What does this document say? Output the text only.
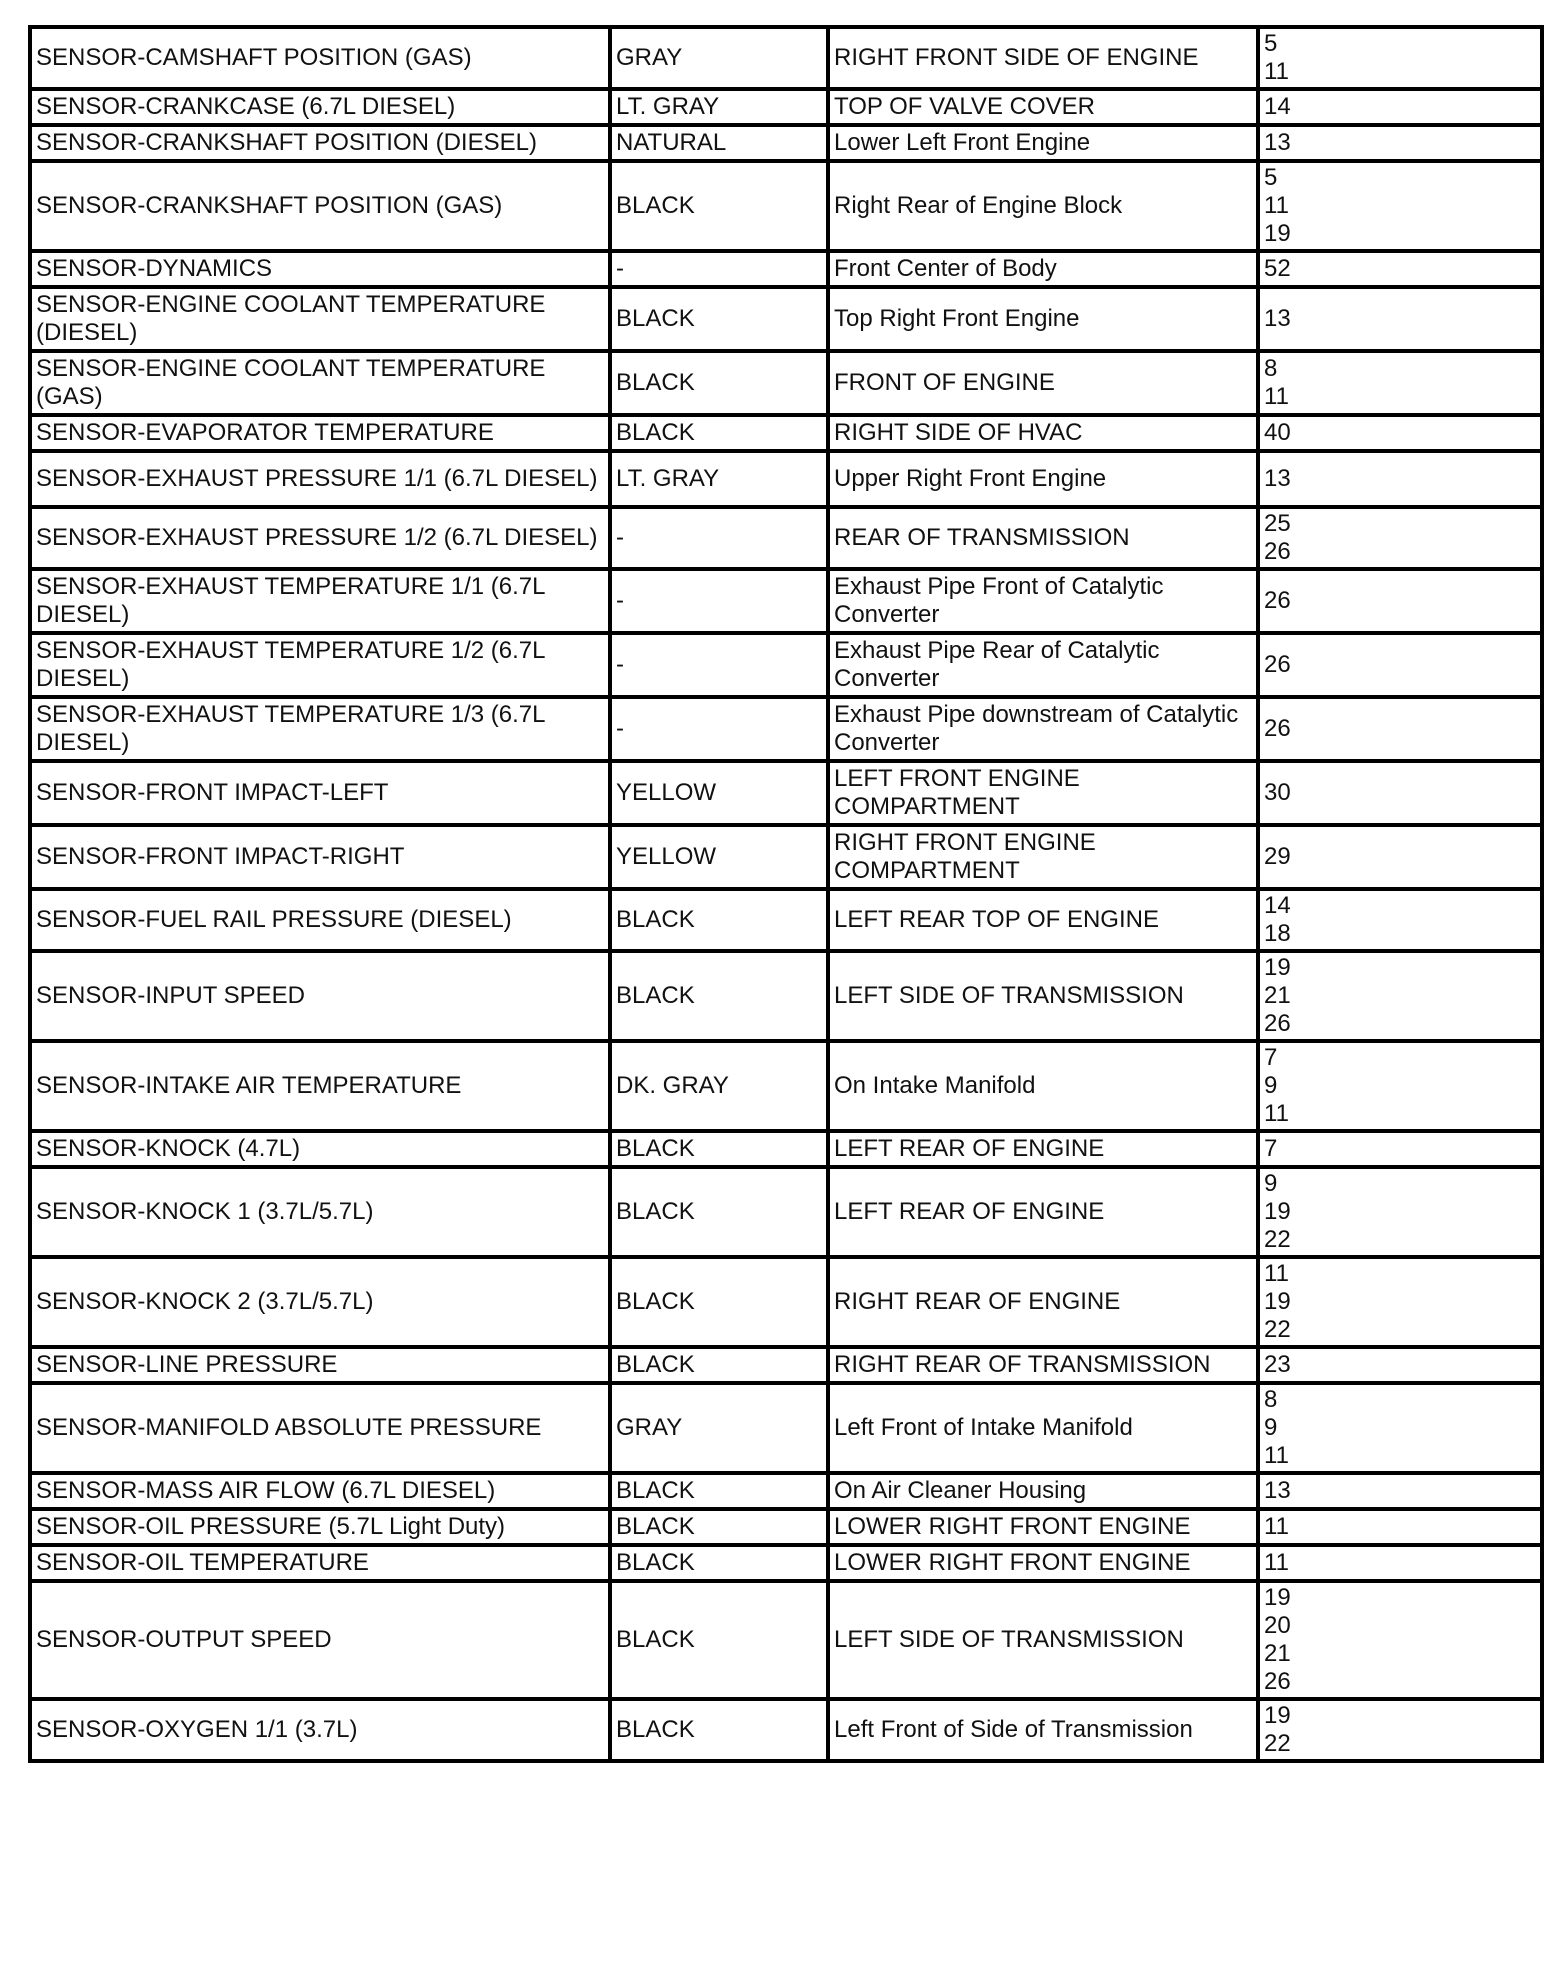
SENSOR-CAMSHAFT POSITION (GAS)	GRAY	RIGHT FRONT SIDE OF ENGINE	5
11
SENSOR-CRANKCASE (6.7L DIESEL)	LT. GRAY	TOP OF VALVE COVER	14
SENSOR-CRANKSHAFT POSITION (DIESEL)	NATURAL	Lower Left Front Engine	13
SENSOR-CRANKSHAFT POSITION (GAS)	BLACK	Right Rear of Engine Block	5
11
19
SENSOR-DYNAMICS	-	Front Center of Body	52
SENSOR-ENGINE COOLANT TEMPERATURE (DIESEL)	BLACK	Top Right Front Engine	13
SENSOR-ENGINE COOLANT TEMPERATURE (GAS)	BLACK	FRONT OF ENGINE	8
11
SENSOR-EVAPORATOR TEMPERATURE	BLACK	RIGHT SIDE OF HVAC	40
SENSOR-EXHAUST PRESSURE 1/1 (6.7L DIESEL)	LT. GRAY	Upper Right Front Engine	13
SENSOR-EXHAUST PRESSURE 1/2 (6.7L DIESEL)	-	REAR OF TRANSMISSION	25
26
SENSOR-EXHAUST TEMPERATURE 1/1 (6.7L DIESEL)	-	Exhaust Pipe Front of Catalytic Converter	26
SENSOR-EXHAUST TEMPERATURE 1/2 (6.7L DIESEL)	-	Exhaust Pipe Rear of Catalytic Converter	26
SENSOR-EXHAUST TEMPERATURE 1/3 (6.7L DIESEL)	-	Exhaust Pipe downstream of Catalytic Converter	26
SENSOR-FRONT IMPACT-LEFT	YELLOW	LEFT FRONT ENGINE COMPARTMENT	30
SENSOR-FRONT IMPACT-RIGHT	YELLOW	RIGHT FRONT ENGINE COMPARTMENT	29
SENSOR-FUEL RAIL PRESSURE (DIESEL)	BLACK	LEFT REAR TOP OF ENGINE	14
18
SENSOR-INPUT SPEED	BLACK	LEFT SIDE OF TRANSMISSION	19
21
26
SENSOR-INTAKE AIR TEMPERATURE	DK. GRAY	On Intake Manifold	7
9
11
SENSOR-KNOCK (4.7L)	BLACK	LEFT REAR OF ENGINE	7
SENSOR-KNOCK 1 (3.7L/5.7L)	BLACK	LEFT REAR OF ENGINE	9
19
22
SENSOR-KNOCK 2 (3.7L/5.7L)	BLACK	RIGHT REAR OF ENGINE	11
19
22
SENSOR-LINE PRESSURE	BLACK	RIGHT REAR OF TRANSMISSION	23
SENSOR-MANIFOLD ABSOLUTE PRESSURE	GRAY	Left Front of Intake Manifold	8
9
11
SENSOR-MASS AIR FLOW (6.7L DIESEL)	BLACK	On Air Cleaner Housing	13
SENSOR-OIL PRESSURE (5.7L Light Duty)	BLACK	LOWER RIGHT FRONT ENGINE	11
SENSOR-OIL TEMPERATURE	BLACK	LOWER RIGHT FRONT ENGINE	11
SENSOR-OUTPUT SPEED	BLACK	LEFT SIDE OF TRANSMISSION	19
20
21
26
SENSOR-OXYGEN 1/1 (3.7L)	BLACK	Left Front of Side of Transmission	19
22
